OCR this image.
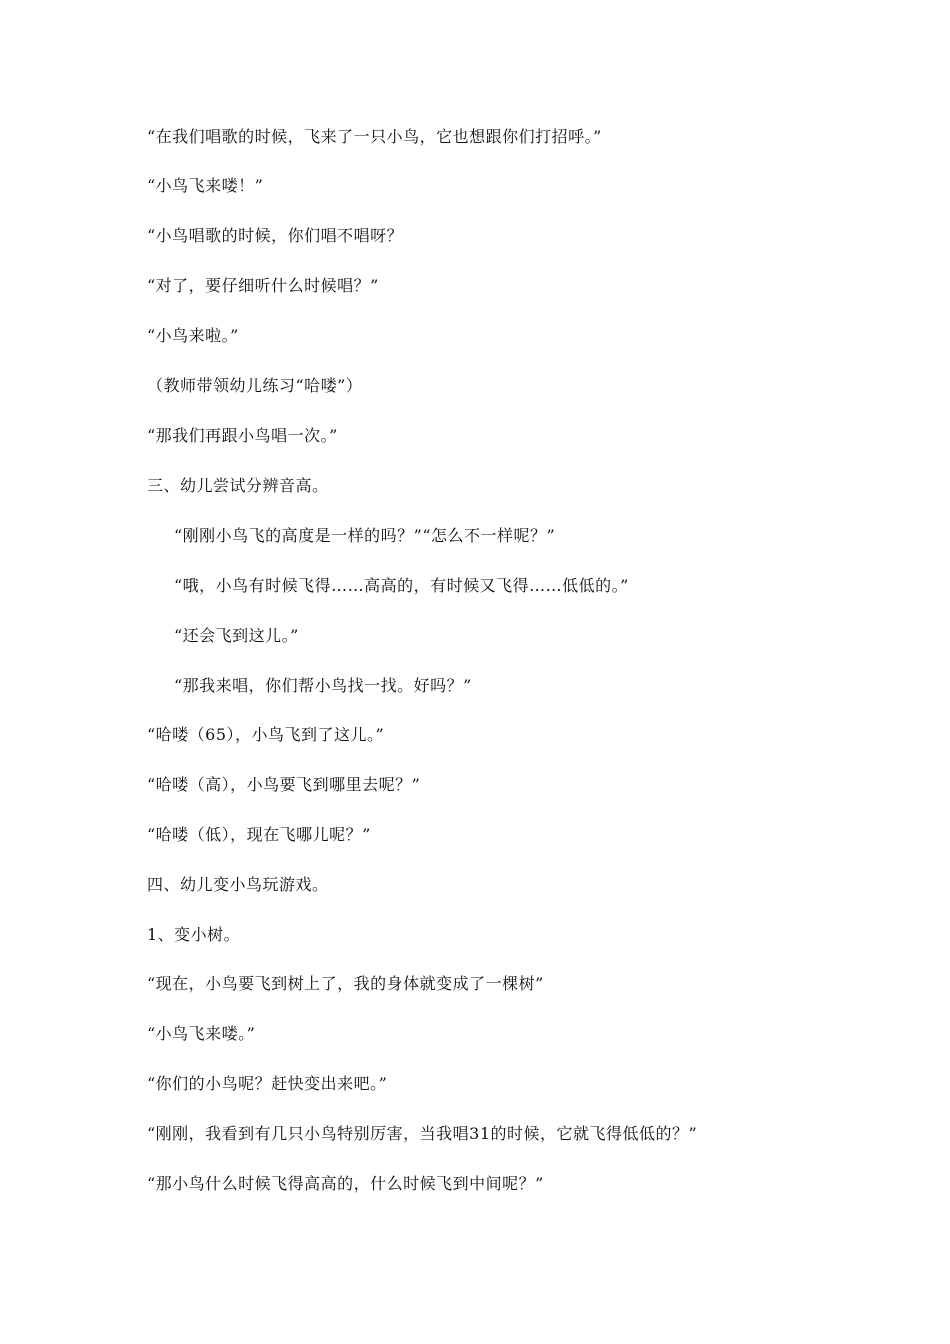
“在我们唱歌的时候，飞来了一只小鸟，它也想跟你们打招呼。”
“小鸟飞来喽！”
“小鸟唱歌的时候，你们唱不唱呀？
“对了，要仔细听什么时候唱？”
“小鸟来啦。”
（教师带领幼儿练习“哈喽”）
“那我们再跟小鸟唱一次。”
三、幼儿尝试分辨音高。
“刚刚小鸟飞的高度是一样的吗？”“怎么不一样呢？”
“哦，小鸟有时候飞得……高高的，有时候又飞得……低低的。”
“还会飞到这儿。”
“那我来唱，你们帮小鸟找一找。好吗？”
“哈喽（65），小鸟飞到了这儿。”
“哈喽（高），小鸟要飞到哪里去呢？”
“哈喽（低），现在飞哪儿呢？”
四、幼儿变小鸟玩游戏。
1、变小树。
“现在，小鸟要飞到树上了，我的身体就变成了一棵树”
“小鸟飞来喽。”
“你们的小鸟呢？赶快变出来吧。”
“刚刚，我看到有几只小鸟特别厉害，当我唱31的时候，它就飞得低低的？”
“那小鸟什么时候飞得高高的，什么时候飞到中间呢？”
